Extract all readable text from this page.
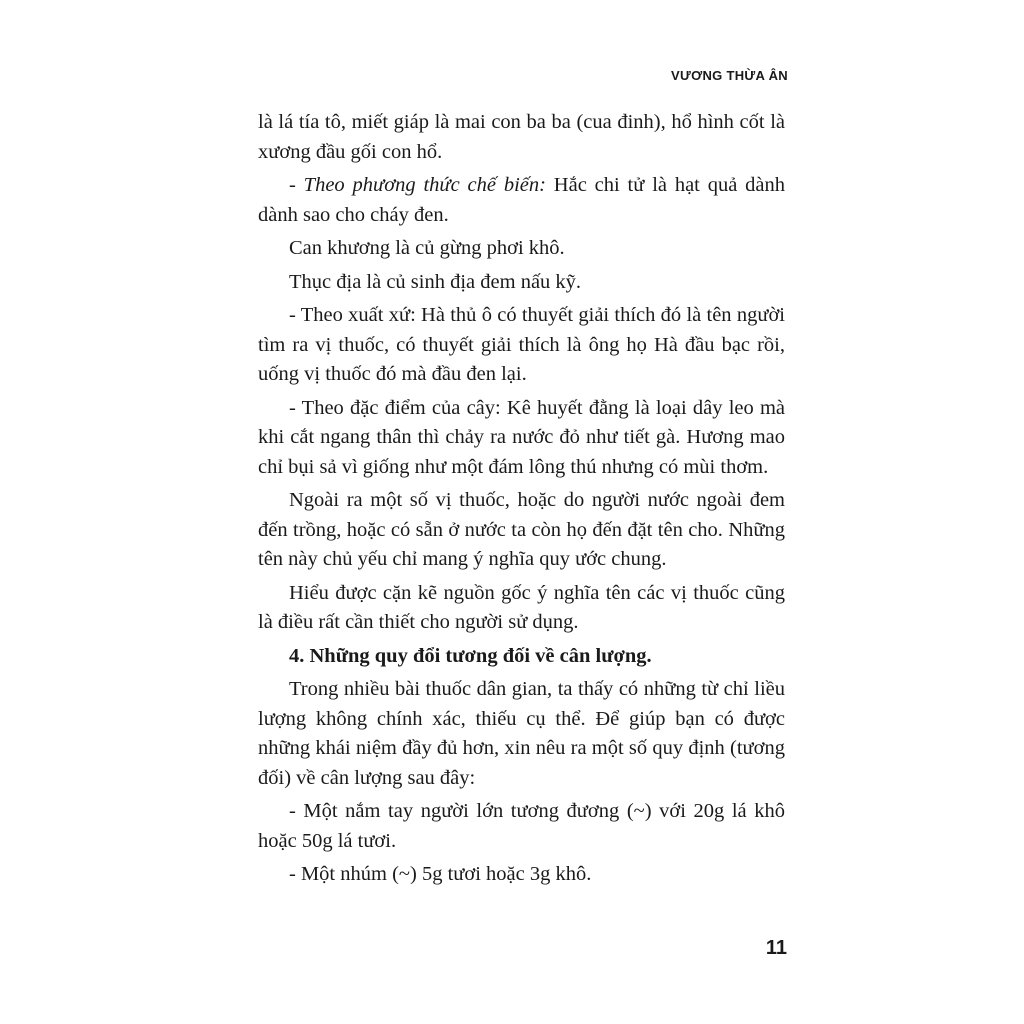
VƯƠNG THỪA ÂN

là lá tía tô, miết giáp là mai con ba ba (cua đinh), hổ hình cốt là xương đầu gối con hổ.

- Theo phương thức chế biến: Hắc chi tử là hạt quả dành dành sao cho cháy đen.

Can khương là củ gừng phơi khô.

Thục địa là củ sinh địa đem nấu kỹ.

- Theo xuất xứ: Hà thủ ô có thuyết giải thích đó là tên người tìm ra vị thuốc, có thuyết giải thích là ông họ Hà đầu bạc rồi, uống vị thuốc đó mà đầu đen lại.

- Theo đặc điểm của cây: Kê huyết đằng là loại dây leo mà khi cắt ngang thân thì chảy ra nước đỏ như tiết gà. Hương mao chỉ bụi sả vì giống như một đám lông thú nhưng có mùi thơm.

Ngoài ra một số vị thuốc, hoặc do người nước ngoài đem đến trồng, hoặc có sẵn ở nước ta còn họ đến đặt tên cho. Những tên này chủ yếu chỉ mang ý nghĩa quy ước chung.

Hiểu được cặn kẽ nguồn gốc ý nghĩa tên các vị thuốc cũng là điều rất cần thiết cho người sử dụng.

4. Những quy đổi tương đối về cân lượng.

Trong nhiều bài thuốc dân gian, ta thấy có những từ chỉ liều lượng không chính xác, thiếu cụ thể. Để giúp bạn có được những khái niệm đầy đủ hơn, xin nêu ra một số quy định (tương đối) về cân lượng sau đây:

- Một nắm tay người lớn tương đương (~) với 20g lá khô hoặc 50g lá tươi.

- Một nhúm (~) 5g tươi hoặc 3g khô.

11
